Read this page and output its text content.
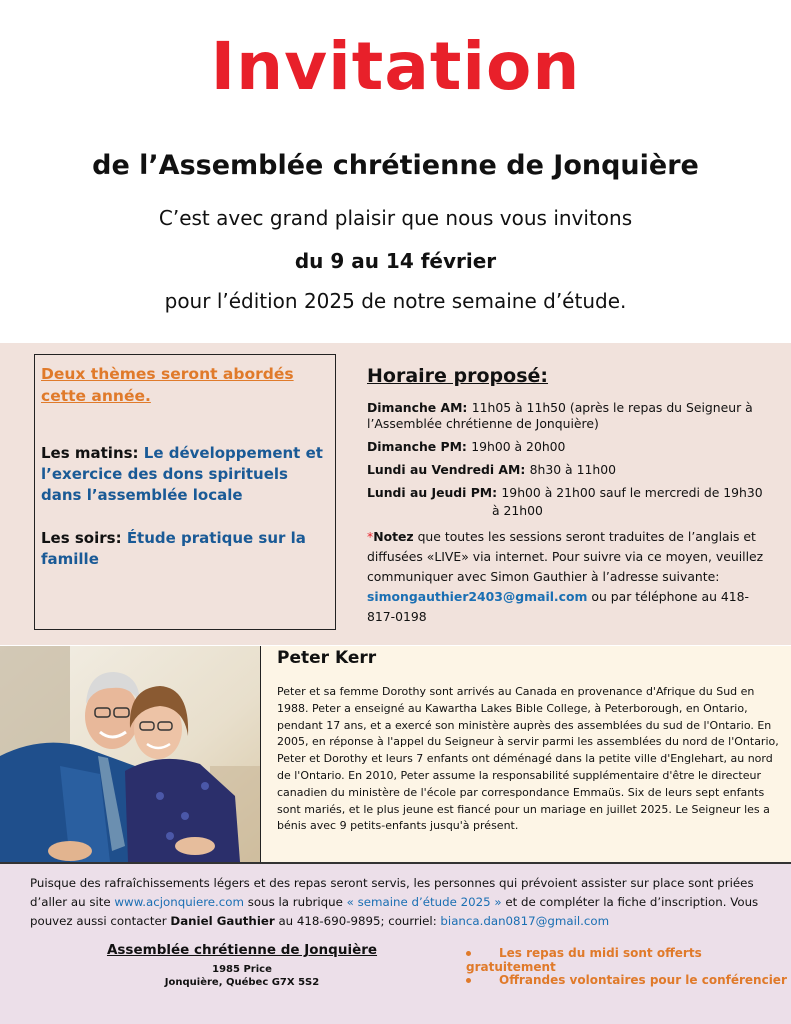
Invitation
de l’Assemblée chrétienne de Jonquière
C’est avec grand plaisir que nous vous invitons
du 9 au 14 février
pour l’édition 2025 de notre semaine d’étude.
Deux thèmes seront abordés
cette année.
Les matins: Le développement et l’exercice des dons spirituels dans l’assemblée locale
Les soirs: Étude pratique sur la famille
Horaire proposé:
Dimanche AM: 11h05 à 11h50 (après le repas du Seigneur à l’Assemblée chrétienne de Jonquière)
Dimanche PM: 19h00 à 20h00
Lundi au Vendredi AM: 8h30 à 11h00
Lundi au Jeudi PM: 19h00 à 21h00 sauf le mercredi de 19h30
à 21h00
*Notez que toutes les sessions seront traduites de l’anglais et diffusées «LIVE» via internet. Pour suivre via ce moyen, veuillez communiquer avec Simon Gauthier à l’adresse suivante: simongauthier2403@gmail.com ou par téléphone au 418-817-0198
Peter Kerr
Peter et sa femme Dorothy sont arrivés au Canada en provenance d'Afrique du Sud en 1988. Peter a enseigné au Kawartha Lakes Bible College, à Peterborough, en Ontario, pendant 17 ans, et a exercé son ministère auprès des assemblées du sud de l'Ontario. En 2005, en réponse à l'appel du Seigneur à servir parmi les assemblées du nord de l'Ontario, Peter et Dorothy et leurs 7 enfants ont déménagé dans la petite ville d'Englehart, au nord de l'Ontario. En 2010, Peter assume la responsabilité supplémentaire d'être le directeur canadien du ministère de l'école par correspondance Emmaüs. Six de leurs sept enfants sont mariés, et le plus jeune est fiancé pour un mariage en juillet 2025. Le Seigneur les a bénis avec 9 petits-enfants jusqu'à présent.
Puisque des rafraîchissements légers et des repas seront servis, les personnes qui prévoient assister sur place sont priées d’aller au site www.acjonquiere.com sous la rubrique « semaine d’étude 2025 » et de compléter la fiche d’inscription. Vous pouvez aussi contacter Daniel Gauthier au 418-690-9895; courriel: bianca.dan0817@gmail.com
Assemblée chrétienne de Jonquière
1985 Price
Jonquière, Québec G7X 5S2
Les repas du midi sont offerts gratuitement
Offrandes volontaires pour le conférencier
